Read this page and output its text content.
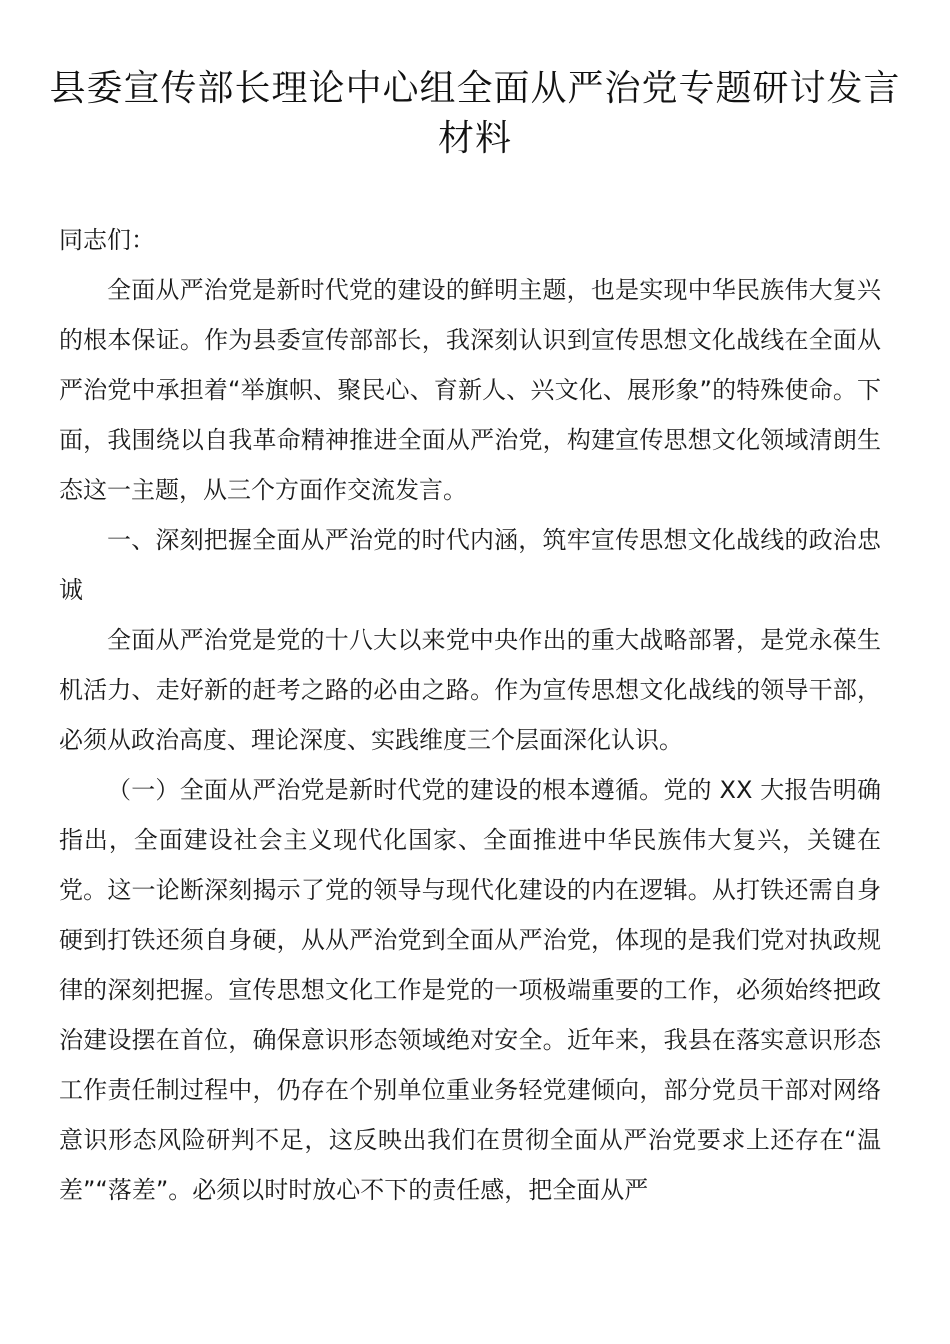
县委宣传部长理论中心组全面从严治党专题研讨发言材料

同志们：

全面从严治党是新时代党的建设的鲜明主题，也是实现中华民族伟大复兴的根本保证。作为县委宣传部部长，我深刻认识到宣传思想文化战线在全面从严治党中承担着“举旗帜、聚民心、育新人、兴文化、展形象”的特殊使命。下面，我围绕以自我革命精神推进全面从严治党，构建宣传思想文化领域清朗生态这一主题，从三个方面作交流发言。

一、深刻把握全面从严治党的时代内涵，筑牢宣传思想文化战线的政治忠诚

全面从严治党是党的十八大以来党中央作出的重大战略部署，是党永葆生机活力、走好新的赶考之路的必由之路。作为宣传思想文化战线的领导干部，必须从政治高度、理论深度、实践维度三个层面深化认识。

（一）全面从严治党是新时代党的建设的根本遵循。党的 XX 大报告明确指出，全面建设社会主义现代化国家、全面推进中华民族伟大复兴，关键在党。这一论断深刻揭示了党的领导与现代化建设的内在逻辑。从打铁还需自身硬到打铁还须自身硬，从从严治党到全面从严治党，体现的是我们党对执政规律的深刻把握。宣传思想文化工作是党的一项极端重要的工作，必须始终把政治建设摆在首位，确保意识形态领域绝对安全。近年来，我县在落实意识形态工作责任制过程中，仍存在个别单位重业务轻党建倾向，部分党员干部对网络意识形态风险研判不足，这反映出我们在贯彻全面从严治党要求上还存在“温差”“落差”。必须以时时放心不下的责任感，把全面从严
